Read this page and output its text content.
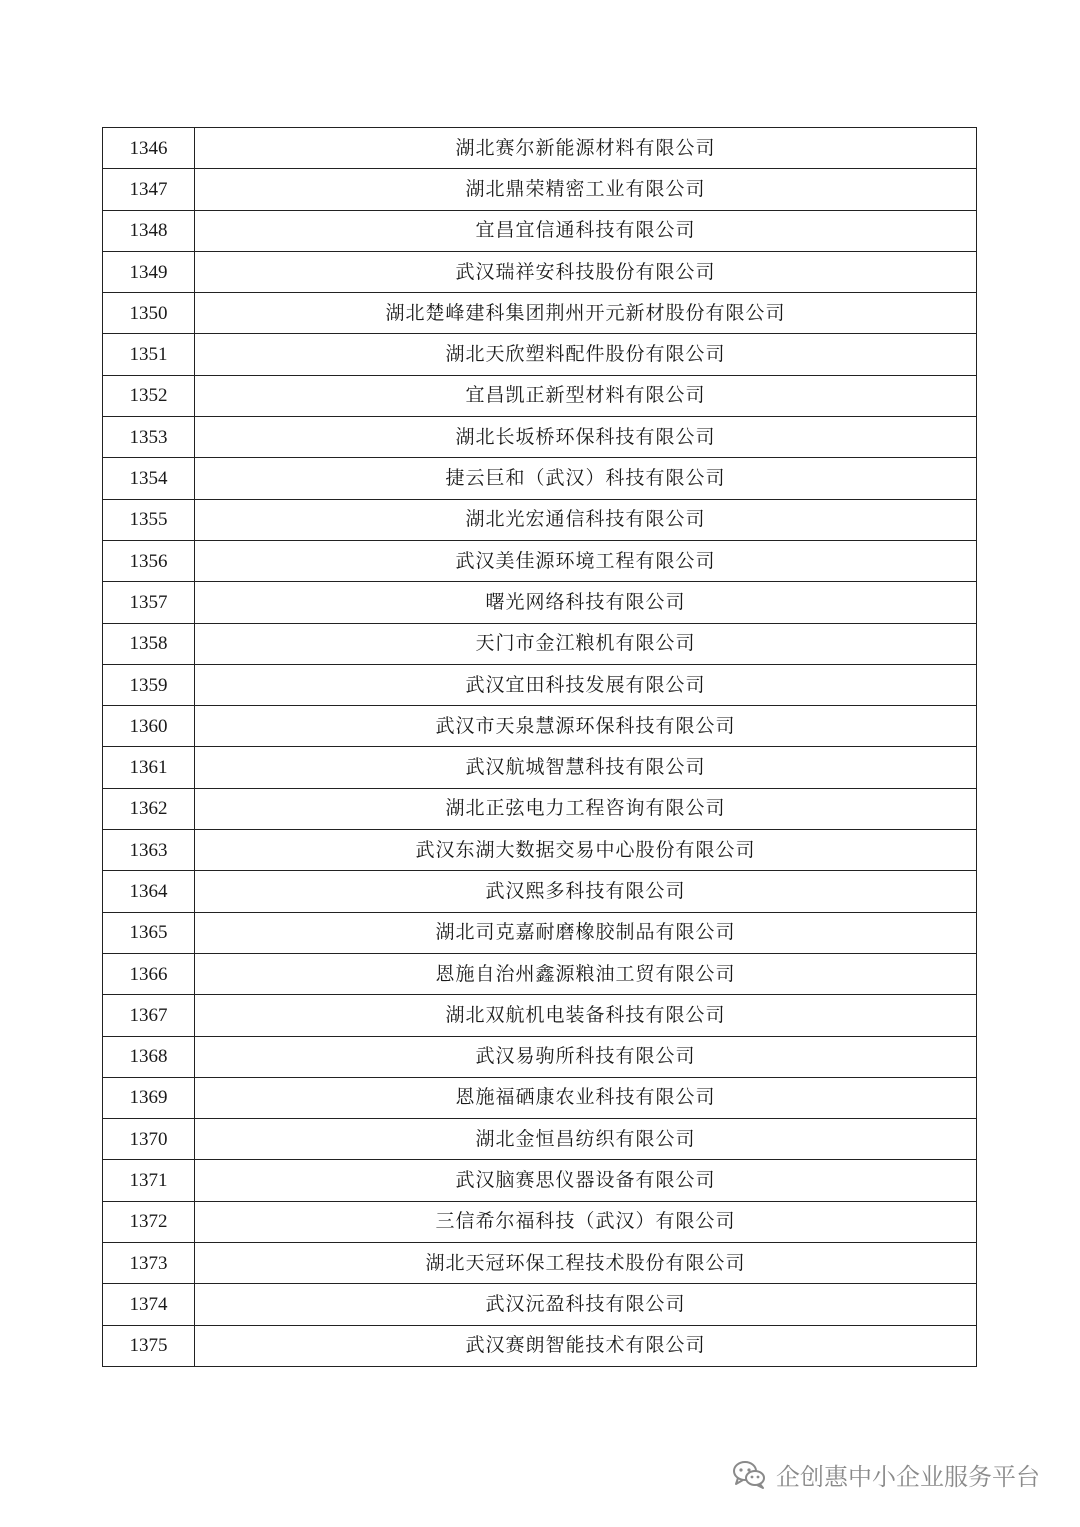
1346	湖北赛尔新能源材料有限公司
1347	湖北鼎荣精密工业有限公司
1348	宜昌宜信通科技有限公司
1349	武汉瑞祥安科技股份有限公司
1350	湖北楚峰建科集团荆州开元新材股份有限公司
1351	湖北天欣塑料配件股份有限公司
1352	宜昌凯正新型材料有限公司
1353	湖北长坂桥环保科技有限公司
1354	捷云巨和（武汉）科技有限公司
1355	湖北光宏通信科技有限公司
1356	武汉美佳源环境工程有限公司
1357	曙光网络科技有限公司
1358	天门市金江粮机有限公司
1359	武汉宜田科技发展有限公司
1360	武汉市天泉慧源环保科技有限公司
1361	武汉航城智慧科技有限公司
1362	湖北正弦电力工程咨询有限公司
1363	武汉东湖大数据交易中心股份有限公司
1364	武汉熙多科技有限公司
1365	湖北司克嘉耐磨橡胶制品有限公司
1366	恩施自治州鑫源粮油工贸有限公司
1367	湖北双航机电装备科技有限公司
1368	武汉易驹所科技有限公司
1369	恩施福硒康农业科技有限公司
1370	湖北金恒昌纺织有限公司
1371	武汉脑赛思仪器设备有限公司
1372	三信希尔福科技（武汉）有限公司
1373	湖北天冠环保工程技术股份有限公司
1374	武汉沅盈科技有限公司
1375	武汉赛朗智能技术有限公司
企创惠中小企业服务平台
